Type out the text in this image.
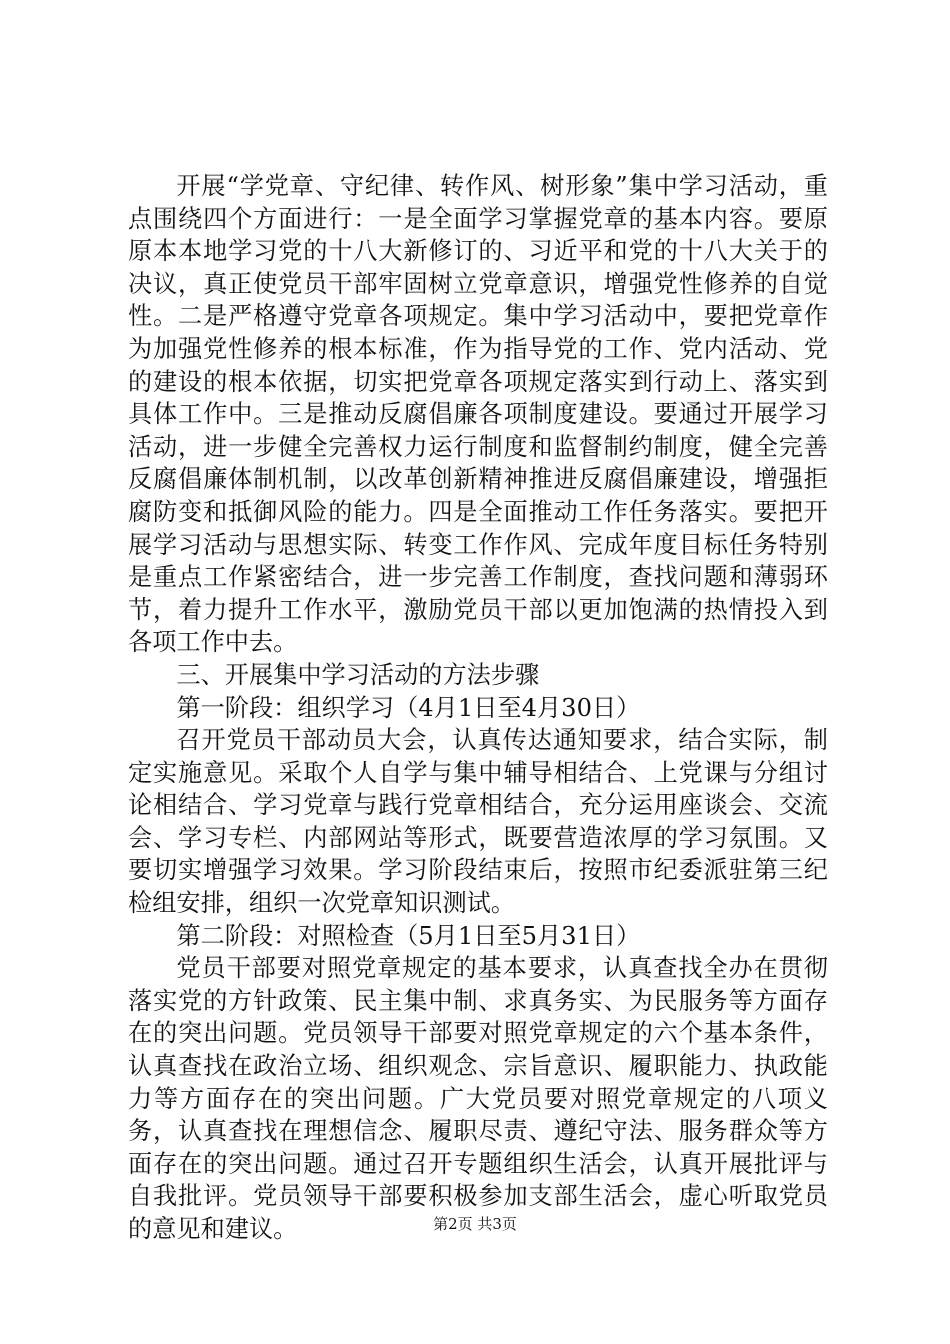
开展“学党章、守纪律、转作风、树形象”集中学习活动，重点围绕四个方面进行：一是全面学习掌握党章的基本内容。要原原本本地学习党的十八大新修订的、习近平和党的十八大关于的决议，真正使党员干部牢固树立党章意识，增强党性修养的自觉性。二是严格遵守党章各项规定。集中学习活动中，要把党章作为加强党性修养的根本标准，作为指导党的工作、党内活动、党的建设的根本依据，切实把党章各项规定落实到行动上、落实到具体工作中。三是推动反腐倡廉各项制度建设。要通过开展学习活动，进一步健全完善权力运行制度和监督制约制度，健全完善反腐倡廉体制机制，以改革创新精神推进反腐倡廉建设，增强拒腐防变和抵御风险的能力。四是全面推动工作任务落实。要把开展学习活动与思想实际、转变工作作风、完成年度目标任务特别是重点工作紧密结合，进一步完善工作制度，查找问题和薄弱环节，着力提升工作水平，激励党员干部以更加饱满的热情投入到各项工作中去。

三、开展集中学习活动的方法步骤

第一阶段：组织学习（4月1日至4月30日）

召开党员干部动员大会，认真传达通知要求，结合实际，制定实施意见。采取个人自学与集中辅导相结合、上党课与分组讨论相结合、学习党章与践行党章相结合，充分运用座谈会、交流会、学习专栏、内部网站等形式，既要营造浓厚的学习氛围。又要切实增强学习效果。学习阶段结束后，按照市纪委派驻第三纪检组安排，组织一次党章知识测试。

第二阶段：对照检查（5月1日至5月31日）

党员干部要对照党章规定的基本要求，认真查找全办在贯彻落实党的方针政策、民主集中制、求真务实、为民服务等方面存在的突出问题。党员领导干部要对照党章规定的六个基本条件，认真查找在政治立场、组织观念、宗旨意识、履职能力、执政能力等方面存在的突出问题。广大党员要对照党章规定的八项义务，认真查找在理想信念、履职尽责、遵纪守法、服务群众等方面存在的突出问题。通过召开专题组织生活会，认真开展批评与自我批评。党员领导干部要积极参加支部生活会，虚心听取党员的意见和建议。	第2页 共3页
